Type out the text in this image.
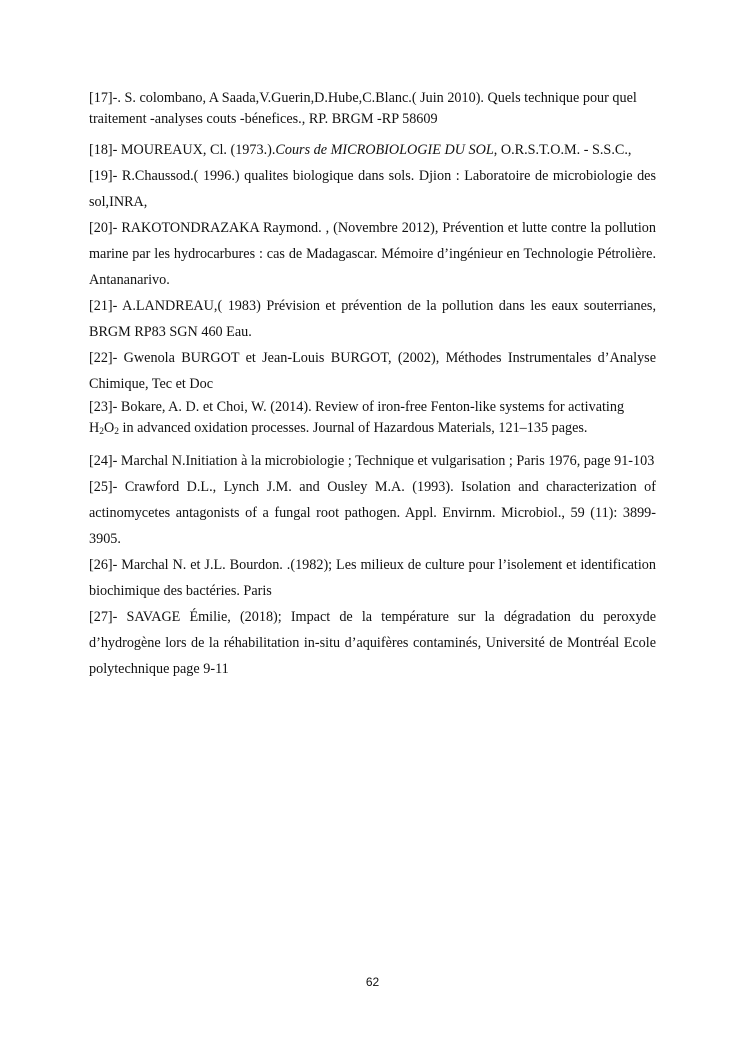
[17]-. S. colombano, A Saada,V.Guerin,D.Hube,C.Blanc.( Juin 2010). Quels technique pour quel traitement -analyses couts -bénefices., RP. BRGM -RP 58609

[18]- MOUREAUX, Cl. (1973.).Cours de MICROBIOLOGIE DU SOL, O.R.S.T.O.M. - S.S.C.,

[19]- R.Chaussod.( 1996.) qualites biologique dans sols. Djion : Laboratoire de microbiologie des sol,INRA,

[20]- RAKOTONDRAZAKA Raymond. , (Novembre 2012), Prévention et lutte contre la pollution marine par les hydrocarbures : cas de Madagascar. Mémoire d’ingénieur en Technologie Pétrolière. Antananarivo.

[21]- A.LANDREAU,( 1983) Prévision et prévention de la pollution dans les eaux souterrianes, BRGM RP83 SGN 460 Eau.

[22]- Gwenola BURGOT et Jean-Louis BURGOT, (2002), Méthodes Instrumentales d’Analyse Chimique, Tec et Doc

[23]- Bokare, A. D. et Choi, W. (2014). Review of iron-free Fenton-like systems for activating $H_2O_2$ in advanced oxidation processes. Journal of Hazardous Materials, 121–135 pages.

[24]- Marchal N.Initiation à la microbiologie ; Technique et vulgarisation ; Paris 1976, page 91-103

[25]- Crawford D.L., Lynch J.M. and Ousley M.A. (1993). Isolation and characterization of actinomycetes antagonists of a fungal root pathogen. Appl. Envirnm. Microbiol., 59 (11): 3899-3905.

[26]- Marchal N. et J.L. Bourdon. .(1982); Les milieux de culture pour l’isolement et identification biochimique des bactéries. Paris

[27]- SAVAGE Émilie, (2018); Impact de la température sur la dégradation du peroxyde d’hydrogène lors de la réhabilitation in-situ d’aquifères contaminés, Université de Montréal Ecole polytechnique page 9-11

62
